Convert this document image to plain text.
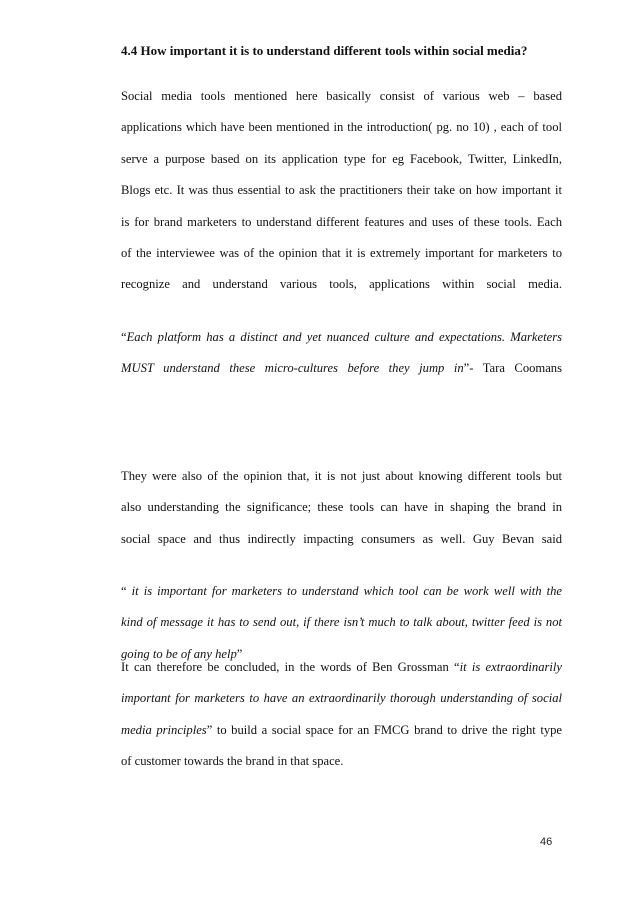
4.4 How important it is to understand different tools within social media?

Social media tools mentioned here basically consist of various web – based
applications which have been mentioned in the introduction( pg. no 10) , each of tool
serve a purpose based on its application type for eg Facebook, Twitter, LinkedIn,
Blogs etc. It was thus essential to ask the practitioners their take on how important it
is for brand marketers to understand different features and uses of these tools. Each
of the interviewee was of the opinion that it is extremely important for marketers to
recognize and understand various tools, applications within social media.

“Each platform has a distinct and yet nuanced culture and expectations. Marketers
MUST understand these micro-cultures before they jump in”- Tara Coomans

They were also of the opinion that, it is not just about knowing different tools but
also understanding the significance; these tools can have in shaping the brand in
social space and thus indirectly impacting consumers as well. Guy Bevan said

“ it is important for marketers to understand which tool can be work well with the
kind of message it has to send out, if there isn’t much to talk about, twitter feed is not
going to be of any help”

It can therefore be concluded, in the words of Ben Grossman “it is extraordinarily
important for marketers to have an extraordinarily thorough understanding of social
media principles” to build a social space for an FMCG brand to drive the right type
of customer towards the brand in that space.

46
